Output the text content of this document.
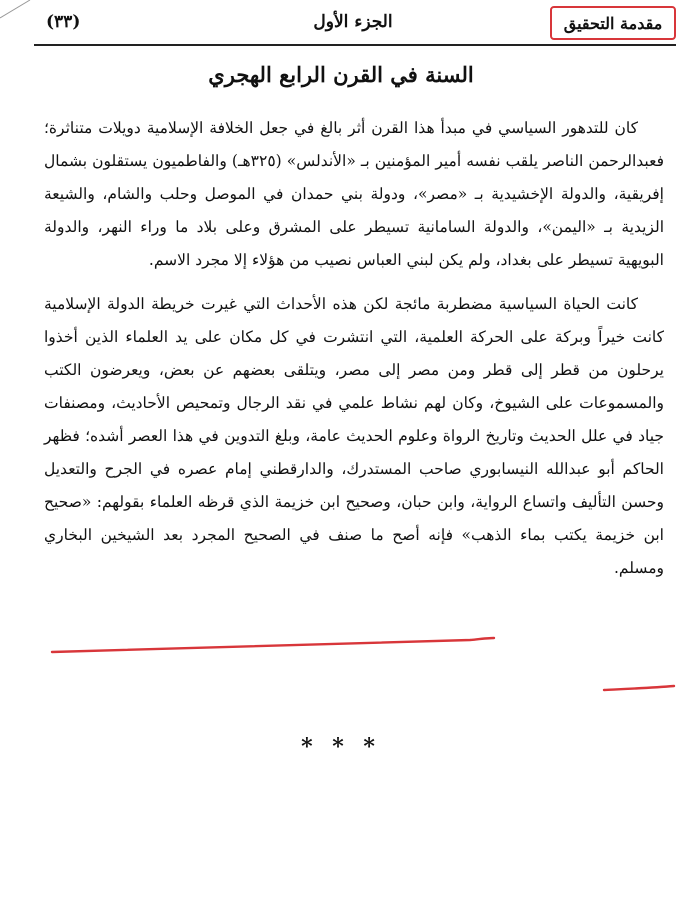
مقدمة التحقيق
الجزء الأول
(٣٣)
السنة في القرن الرابع الهجري

كان للتدهور السياسي في مبدأ هذا القرن أثر بالغ في جعل الخلافة الإسلامية دويلات متناثرة؛ فعبدالرحمن الناصر يلقب نفسه أمير المؤمنين بـ «الأندلس» (٣٢٥هـ) والفاطميون يستقلون بشمال إفريقية، والدولة الإخشيدية بـ «مصر»، ودولة بني حمدان في الموصل وحلب والشام، والشيعة الزيدية بـ «اليمن»، والدولة السامانية تسيطر على المشرق وعلى بلاد ما وراء النهر، والدولة البويهية تسيطر على بغداد، ولم يكن لبني العباس نصيب من هؤلاء إلا مجرد الاسم.

كانت الحياة السياسية مضطربة مائجة لكن هذه الأحداث التي غيرت خريطة الدولة الإسلامية كانت خيراً وبركة على الحركة العلمية، التي انتشرت في كل مكان على يد العلماء الذين أخذوا يرحلون من قطر إلى قطر ومن مصر إلى مصر، ويتلقى بعضهم عن بعض، ويعرضون الكتب والمسموعات على الشيوخ، وكان لهم نشاط علمي في نقد الرجال وتمحيص الأحاديث، ومصنفات جياد في علل الحديث وتاريخ الرواة وعلوم الحديث عامة، وبلغ التدوين في هذا العصر أشده؛ فظهر الحاكم أبو عبدالله النيسابوري صاحب المستدرك، والدارقطني إمام عصره في الجرح والتعديل وحسن التأليف واتساع الرواية، وابن حبان، وصحيح ابن خزيمة الذي قرظه العلماء بقولهم: «صحيح ابن خزيمة يكتب بماء الذهب» فإنه أصح ما صنف في الصحيح المجرد بعد الشيخين البخاري ومسلم.

* * *
